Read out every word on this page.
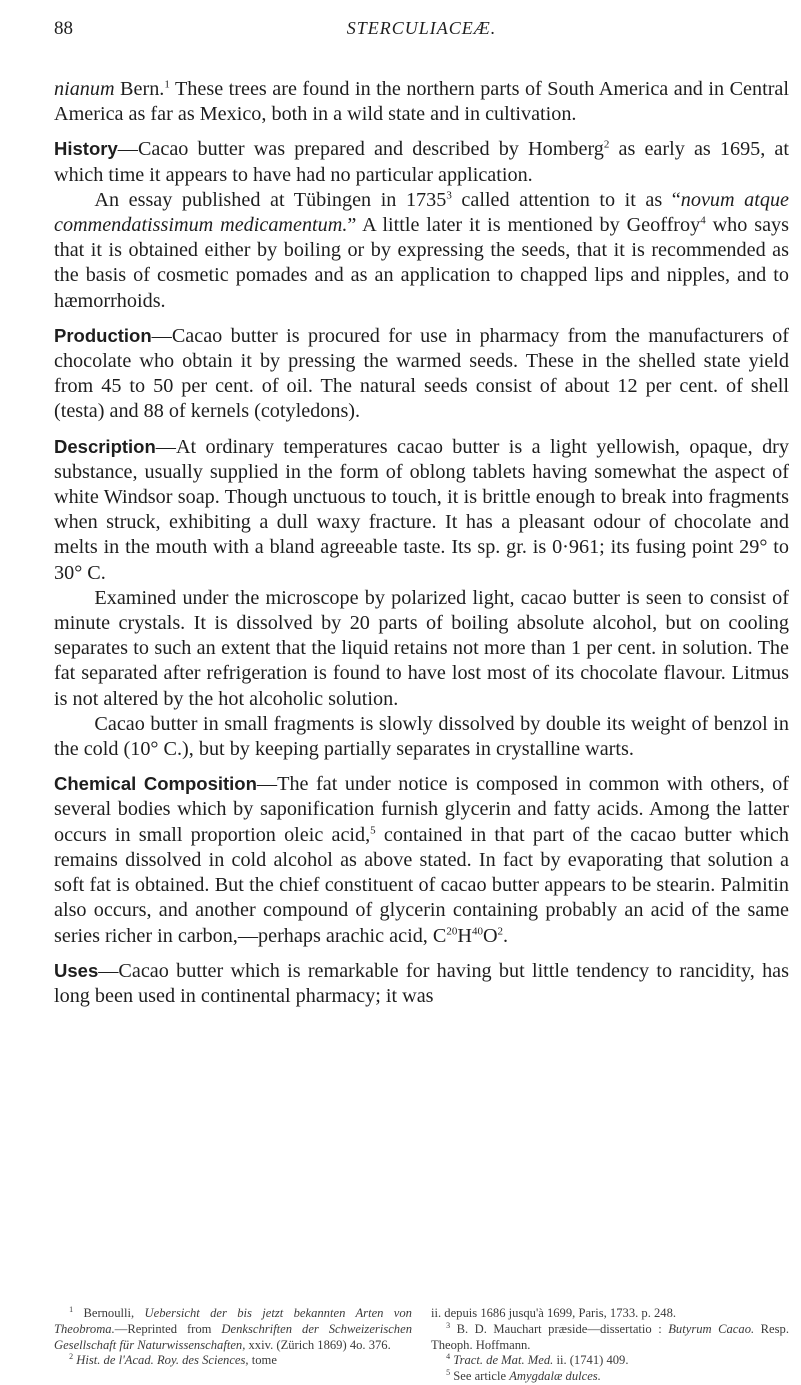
88	STERCULIACEÆ.

nianum Bern.$^1$ These trees are found in the northern parts of South America and in Central America as far as Mexico, both in a wild state and in cultivation.

History—Cacao butter was prepared and described by Homberg$^2$ as early as 1695, at which time it appears to have had no particular application.

An essay published at Tübingen in 1735$^3$ called attention to it as “novum atque commendatissimum medicamentum.” A little later it is mentioned by Geoffroy$^4$ who says that it is obtained either by boiling or by expressing the seeds, that it is recommended as the basis of cosmetic pomades and as an application to chapped lips and nipples, and to hæmorrhoids.

Production—Cacao butter is procured for use in pharmacy from the manufacturers of chocolate who obtain it by pressing the warmed seeds. These in the shelled state yield from 45 to 50 per cent. of oil. The natural seeds consist of about 12 per cent. of shell (testa) and 88 of kernels (cotyledons).

Description—At ordinary temperatures cacao butter is a light yellowish, opaque, dry substance, usually supplied in the form of oblong tablets having somewhat the aspect of white Windsor soap. Though unctuous to touch, it is brittle enough to break into fragments when struck, exhibiting a dull waxy fracture. It has a pleasant odour of chocolate and melts in the mouth with a bland agreeable taste. Its sp. gr. is 0·961; its fusing point 29° to 30° C.

Examined under the microscope by polarized light, cacao butter is seen to consist of minute crystals. It is dissolved by 20 parts of boiling absolute alcohol, but on cooling separates to such an extent that the liquid retains not more than 1 per cent. in solution. The fat separated after refrigeration is found to have lost most of its chocolate flavour. Litmus is not altered by the hot alcoholic solution.

Cacao butter in small fragments is slowly dissolved by double its weight of benzol in the cold (10° C.), but by keeping partially separates in crystalline warts.

Chemical Composition—The fat under notice is composed in common with others, of several bodies which by saponification furnish glycerin and fatty acids. Among the latter occurs in small proportion oleic acid,$^5$ contained in that part of the cacao butter which remains dissolved in cold alcohol as above stated. In fact by evaporating that solution a soft fat is obtained. But the chief constituent of cacao butter appears to be stearin. Palmitin also occurs, and another compound of glycerin containing probably an acid of the same series richer in carbon,—perhaps arachic acid, $C^{20}H^{40}O^2$.

Uses—Cacao butter which is remarkable for having but little tendency to rancidity, has long been used in continental pharmacy; it was

$^1$ Bernoulli, Uebersicht der bis jetzt bekannten Arten von Theobroma.—Reprinted from Denkschriften der Schweizerischen Gesellschaft für Naturwissenschaften, xxiv. (Zürich 1869) 4o. 376.

$^2$ Hist. de l'Acad. Roy. des Sciences, tome

ii. depuis 1686 jusqu'à 1699, Paris, 1733. p. 248.

$^3$ B. D. Mauchart præside—dissertatio : Butyrum Cacao. Resp. Theoph. Hoffmann.

$^4$ Tract. de Mat. Med. ii. (1741) 409.

$^5$ See article Amygdalæ dulces.
